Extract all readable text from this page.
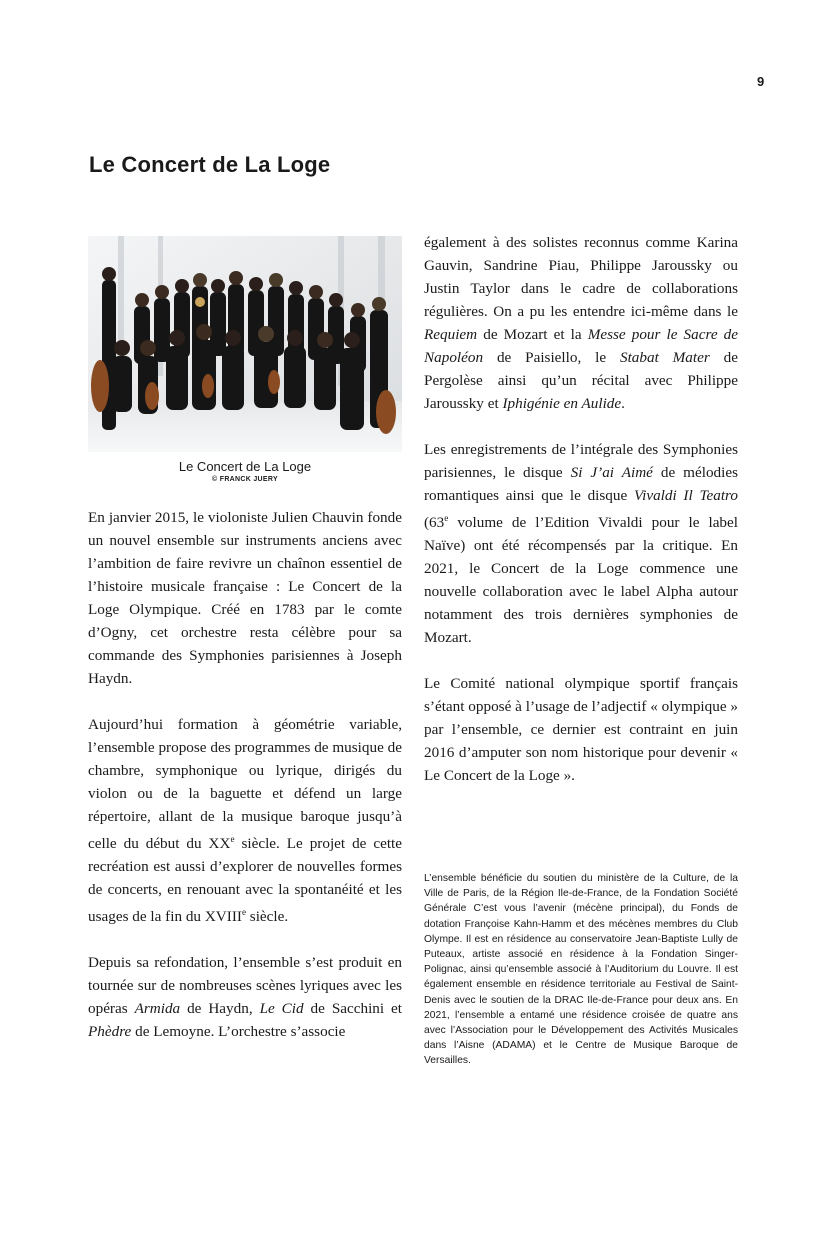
9
Le Concert de La Loge
Le Concert de La Loge
© FRANCK JUERY

En janvier 2015, le violoniste Julien Chauvin fonde un nouvel ensemble sur instruments anciens avec l’ambition de faire revivre un chaînon essentiel de l’histoire musicale française : Le Concert de la Loge Olympique. Créé en 1783 par le comte d’Ogny, cet orchestre resta célèbre pour sa commande des Symphonies parisiennes à Joseph Haydn.

Aujourd’hui formation à géométrie variable, l’ensemble propose des programmes de musique de chambre, symphonique ou lyrique, dirigés du violon ou de la baguette et défend un large répertoire, allant de la musique baroque jusqu’à celle du début du XXe siècle. Le projet de cette recréation est aussi d’explorer de nouvelles formes de concerts, en renouant avec la spontanéité et les usages de la fin du XVIIIe siècle.

Depuis sa refondation, l’ensemble s’est produit en tournée sur de nombreuses scènes lyriques avec les opéras Armida de Haydn, Le Cid de Sacchini et Phèdre de Lemoyne. L’orchestre s’associe

également à des solistes reconnus comme Karina Gauvin, Sandrine Piau, Philippe Jaroussky ou Justin Taylor dans le cadre de collaborations régulières. On a pu les entendre ici-même dans le Requiem de Mozart et la Messe pour le Sacre de Napoléon de Paisiello, le Stabat Mater de Pergolèse ainsi qu’un récital avec Philippe Jaroussky et Iphigénie en Aulide.

Les enregistrements de l’intégrale des Symphonies parisiennes, le disque Si J’ai Aimé de mélodies romantiques ainsi que le disque Vivaldi Il Teatro (63e volume de l’Edition Vivaldi pour le label Naïve) ont été récompensés par la critique. En 2021, le Concert de la Loge commence une nouvelle collaboration avec le label Alpha autour notamment des trois dernières symphonies de Mozart.

Le Comité national olympique sportif français s’étant opposé à l’usage de l’adjectif « olympique » par l’ensemble, ce dernier est contraint en juin 2016 d’amputer son nom historique pour devenir « Le Concert de la Loge ».

L’ensemble bénéficie du soutien du ministère de la Culture, de la Ville de Paris, de la Région Ile-de-France, de la Fondation Société Générale C’est vous l’avenir (mécène principal), du Fonds de dotation Françoise Kahn-Hamm et des mécènes membres du Club Olympe. Il est en résidence au conservatoire Jean-Baptiste Lully de Puteaux, artiste associé en résidence à la Fondation Singer-Polignac, ainsi qu’ensemble associé à l’Auditorium du Louvre. Il est également ensemble en résidence territoriale au Festival de Saint-Denis avec le soutien de la DRAC Ile-de-France pour deux ans. En 2021, l’ensemble a entamé une résidence croisée de quatre ans avec l’Association pour le Développement des Activités Musicales dans l’Aisne (ADAMA) et le Centre de Musique Baroque de Versailles.
